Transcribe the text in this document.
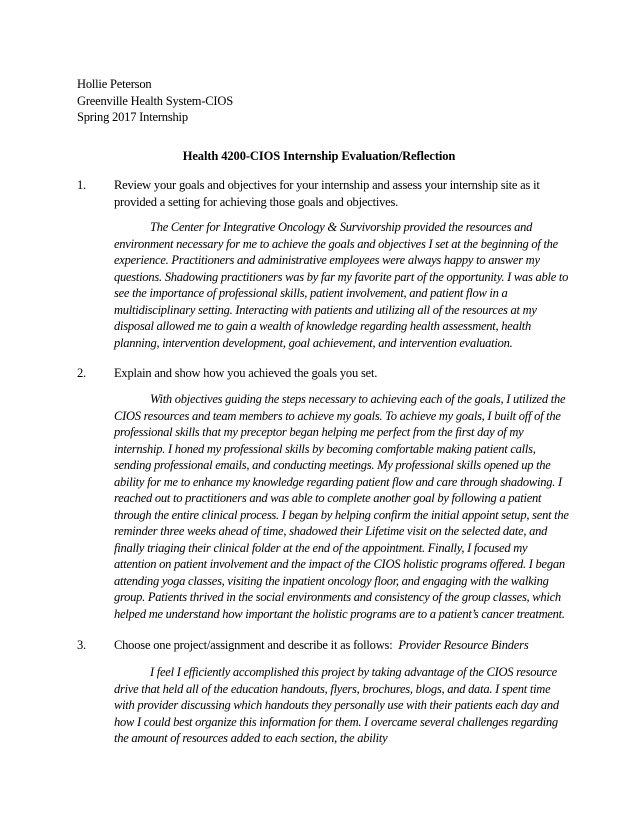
Hollie Peterson
Greenville Health System-CIOS
Spring 2017 Internship
Health 4200-CIOS Internship Evaluation/Reflection
1. Review your goals and objectives for your internship and assess your internship site as it provided a setting for achieving those goals and objectives.
The Center for Integrative Oncology & Survivorship provided the resources and environment necessary for me to achieve the goals and objectives I set at the beginning of the experience. Practitioners and administrative employees were always happy to answer my questions. Shadowing practitioners was by far my favorite part of the opportunity. I was able to see the importance of professional skills, patient involvement, and patient flow in a multidisciplinary setting. Interacting with patients and utilizing all of the resources at my disposal allowed me to gain a wealth of knowledge regarding health assessment, health planning, intervention development, goal achievement, and intervention evaluation.
2. Explain and show how you achieved the goals you set.
With objectives guiding the steps necessary to achieving each of the goals, I utilized the CIOS resources and team members to achieve my goals. To achieve my goals, I built off of the professional skills that my preceptor began helping me perfect from the first day of my internship. I honed my professional skills by becoming comfortable making patient calls, sending professional emails, and conducting meetings. My professional skills opened up the ability for me to enhance my knowledge regarding patient flow and care through shadowing. I reached out to practitioners and was able to complete another goal by following a patient through the entire clinical process. I began by helping confirm the initial appoint setup, sent the reminder three weeks ahead of time, shadowed their Lifetime visit on the selected date, and finally triaging their clinical folder at the end of the appointment. Finally, I focused my attention on patient involvement and the impact of the CIOS holistic programs offered. I began attending yoga classes, visiting the inpatient oncology floor, and engaging with the walking group. Patients thrived in the social environments and consistency of the group classes, which helped me understand how important the holistic programs are to a patient’s cancer treatment.
3. Choose one project/assignment and describe it as follows: Provider Resource Binders
I feel I efficiently accomplished this project by taking advantage of the CIOS resource drive that held all of the education handouts, flyers, brochures, blogs, and data. I spent time with provider discussing which handouts they personally use with their patients each day and how I could best organize this information for them. I overcame several challenges regarding the amount of resources added to each section, the ability
